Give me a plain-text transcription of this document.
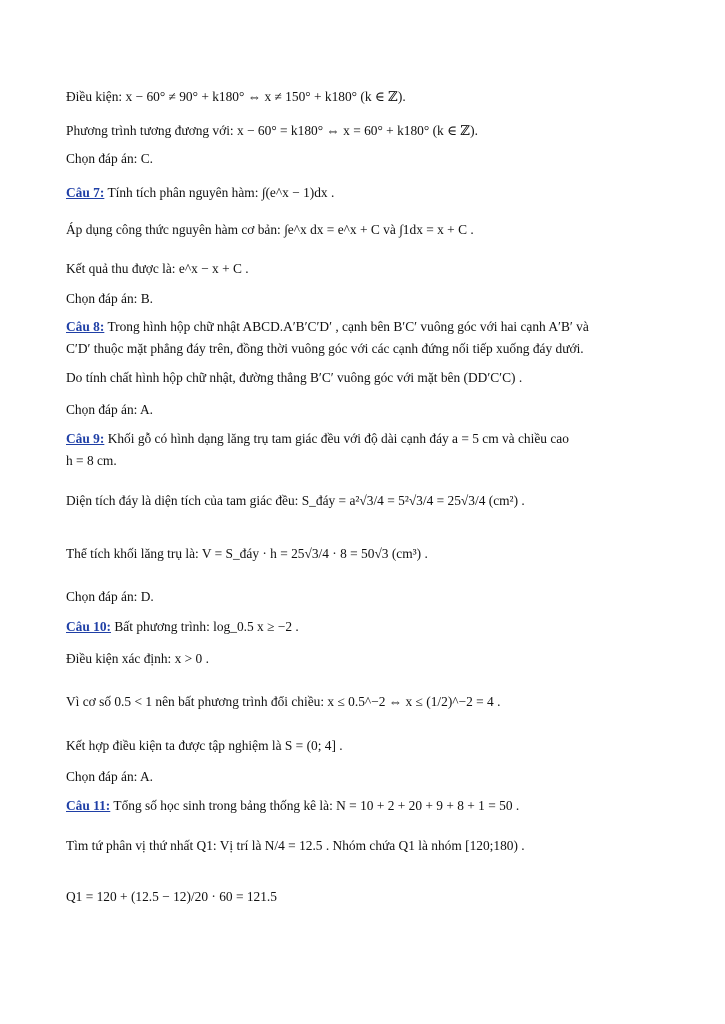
Điều kiện: x − 60° ≠ 90° + k180° ⇔ x ≠ 150° + k180° (k ∈ ℤ).
Phương trình tương đương với: x − 60° = k180° ⇔ x = 60° + k180° (k ∈ ℤ).
Chọn đáp án: C.
Câu 7: Tính tích phân nguyên hàm: ∫(e^x − 1)dx .
Áp dụng công thức nguyên hàm cơ bản: ∫e^x dx = e^x + C và ∫1dx = x + C .
Kết quả thu được là: e^x − x + C .
Chọn đáp án: B.
Câu 8: Trong hình hộp chữ nhật ABCD.A′B′C′D′ , cạnh bên B′C′ vuông góc với hai cạnh A′B′ và
C′D′ thuộc mặt phẳng đáy trên, đồng thời vuông góc với các cạnh đứng nối tiếp xuống đáy dưới.
Do tính chất hình hộp chữ nhật, đường thẳng B′C′ vuông góc với mặt bên (DD′C′C) .
Chọn đáp án: A.
Câu 9: Khối gỗ có hình dạng lăng trụ tam giác đều với độ dài cạnh đáy a = 5 cm và chiều cao
h = 8 cm.
Diện tích đáy là diện tích của tam giác đều: S_đáy = a²√3/4 = 5²√3/4 = 25√3/4 (cm²) .
Thể tích khối lăng trụ là: V = S_đáy · h = 25√3/4 · 8 = 50√3 (cm³) .
Chọn đáp án: D.
Câu 10: Bất phương trình: log_0.5 x ≥ −2 .
Điều kiện xác định: x > 0 .
Vì cơ số 0.5 < 1 nên bất phương trình đổi chiều: x ≤ 0.5^−2 ⇔ x ≤ (1/2)^−2 = 4 .
Kết hợp điều kiện ta được tập nghiệm là S = (0; 4] .
Chọn đáp án: A.
Câu 11: Tổng số học sinh trong bảng thống kê là: N = 10 + 2 + 20 + 9 + 8 + 1 = 50 .
Tìm tứ phân vị thứ nhất Q1: Vị trí là N/4 = 12.5 . Nhóm chứa Q1 là nhóm [120;180) .
Q1 = 120 + (12.5 − 12)/20 · 60 = 121.5
